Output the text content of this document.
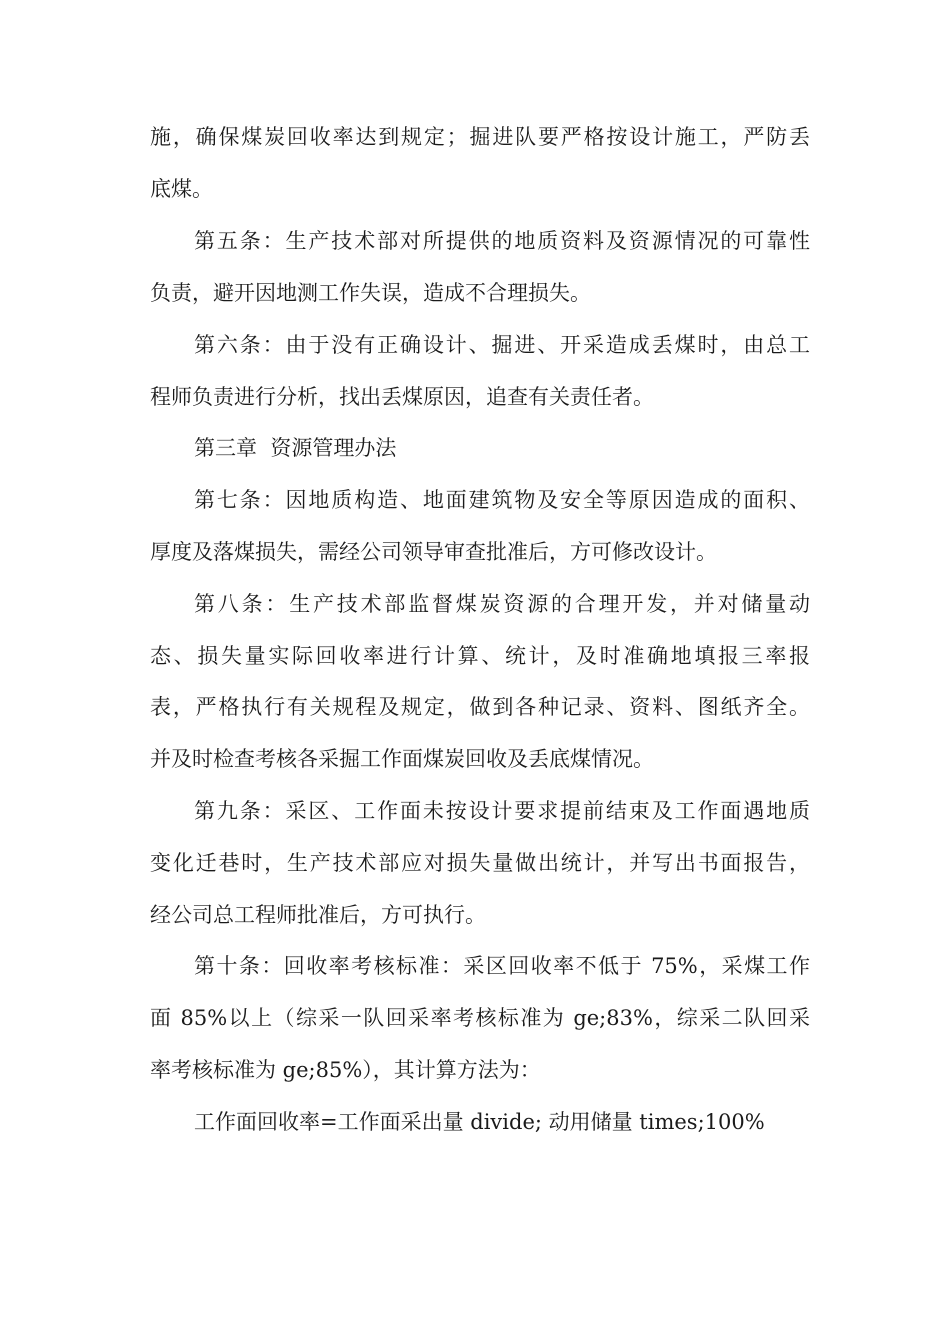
施，确保煤炭回收率达到规定；掘进队要严格按设计施工，严防丢
底煤。
第五条：生产技术部对所提供的地质资料及资源情况的可靠性
负责，避开因地测工作失误，造成不合理损失。
第六条：由于没有正确设计、掘进、开采造成丢煤时，由总工
程师负责进行分析，找出丢煤原因，追查有关责任者。
第三章  资源管理办法
第七条：因地质构造、地面建筑物及安全等原因造成的面积、
厚度及落煤损失，需经公司领导审查批准后，方可修改设计。
第八条：生产技术部监督煤炭资源的合理开发，并对储量动
态、损失量实际回收率进行计算、统计，及时准确地填报三率报
表，严格执行有关规程及规定，做到各种记录、资料、图纸齐全。
并及时检查考核各采掘工作面煤炭回收及丢底煤情况。
第九条：采区、工作面未按设计要求提前结束及工作面遇地质
变化迁巷时，生产技术部应对损失量做出统计，并写出书面报告，
经公司总工程师批准后，方可执行。
第十条：回收率考核标准：采区回收率不低于 75%，采煤工作
面 85%以上（综采一队回采率考核标准为 ge;83%，综采二队回采
率考核标准为 ge;85%），其计算方法为：
工作面回收率=工作面采出量 divide; 动用储量 times;100%
